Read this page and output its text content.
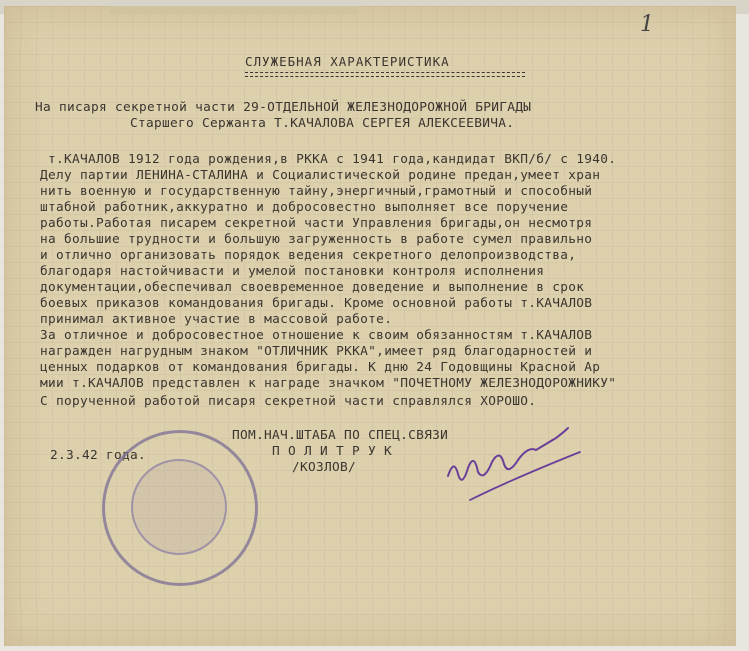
1
СЛУЖЕБНАЯ ХАРАКТЕРИСТИКА
На писаря секретной части 29-ОТДЕЛЬНОЙ ЖЕЛЕЗНОДОРОЖНОЙ БРИГАДЫ
Старшего Сержанта Т.КАЧАЛОВА СЕРГЕЯ АЛЕКСЕЕВИЧА.
т.КАЧАЛОВ 1912 года рождения,в РККА с 1941 года,кандидат ВКП/б/ с 1940.
Делу партии ЛЕНИНА-СТАЛИНА и Социалистической родине предан,умеет хран
нить военную и государственную тайну,энергичный,грамотный и способный
штабной работник,аккуратно и добросовестно выполняет все поручение
работы.Работая писарем секретной части Управления бригады,он несмотря
на большие трудности и большую загруженность в работе сумел правильно
и отлично организовать порядок ведения секретного делопроизводства,
благодаря настойчивасти и умелой постановки контроля исполнения
документации,обеспечивал своевременное доведение и выполнение в срок
боевых приказов командования бригады. Кроме основной работы т.КАЧАЛОВ
принимал активное участие в массовой работе.
За отличное и добросовестное отношение к своим обязанностям т.КАЧАЛОВ
награжден нагрудным знаком "ОТЛИЧНИК РККА",имеет ряд благодарностей и
ценных подарков от командования бригады. К дню 24 Годовщины Красной Ар
мии т.КАЧАЛОВ представлен к награде значком "ПОЧЕТНОМУ ЖЕЛЕЗНОДОРОЖНИКУ"
С порученной работой писаря секретной части справлялся ХОРОШО.
2.3.42 года.
ПОМ.НАЧ.ШТАБА ПО СПЕЦ.СВЯЗИ
П О Л И Т Р У К
/КОЗЛОВ/
